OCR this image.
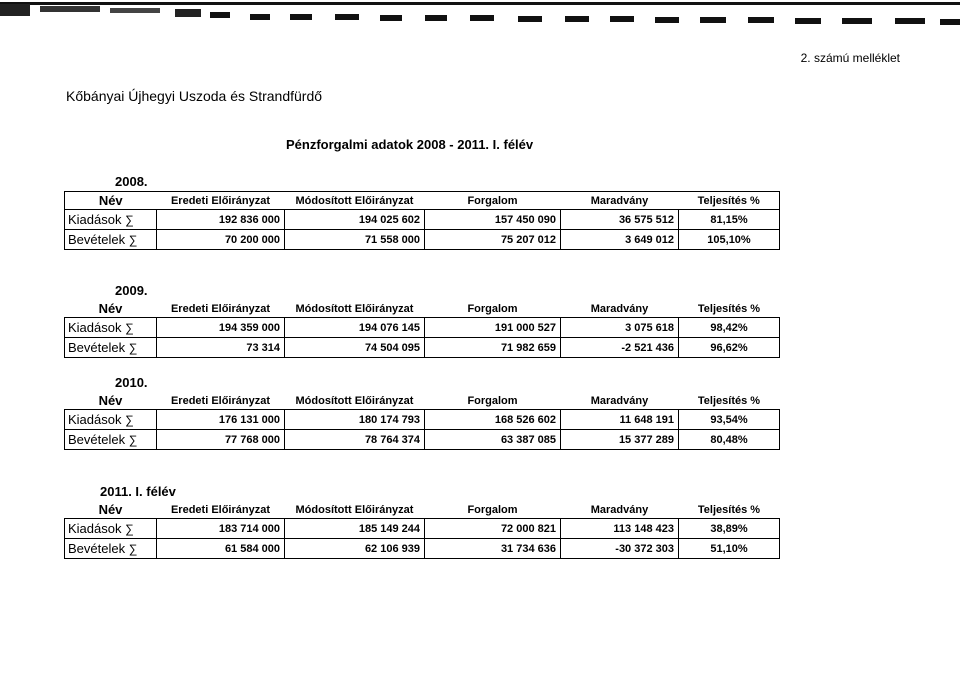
2. számú melléklet
Kőbányai Újhegyi Uszoda és Strandfürdő
Pénzforgalmi adatok 2008 - 2011. I. félév
2008.
Név	Eredeti Előirányzat	Módosított Előirányzat	Forgalom	Maradvány	Teljesítés %
Kiadások ∑	192 836 000	194 025 602	157 450 090	36 575 512	81,15%
Bevételek ∑	70 200 000	71 558 000	75 207 012	3 649 012	105,10%
2009.
Név	Eredeti Előirányzat	Módosított Előirányzat	Forgalom	Maradvány	Teljesítés %
Kiadások ∑	194 359 000	194 076 145	191 000 527	3 075 618	98,42%
Bevételek ∑	73 314	74 504 095	71 982 659	-2 521 436	96,62%
2010.
Név	Eredeti Előirányzat	Módosított Előirányzat	Forgalom	Maradvány	Teljesítés %
Kiadások ∑	176 131 000	180 174 793	168 526 602	11 648 191	93,54%
Bevételek ∑	77 768 000	78 764 374	63 387 085	15 377 289	80,48%
2011. I. félév
Név	Eredeti Előirányzat	Módosított Előirányzat	Forgalom	Maradvány	Teljesítés %
Kiadások ∑	183 714 000	185 149 244	72 000 821	113 148 423	38,89%
Bevételek ∑	61 584 000	62 106 939	31 734 636	-30 372 303	51,10%
